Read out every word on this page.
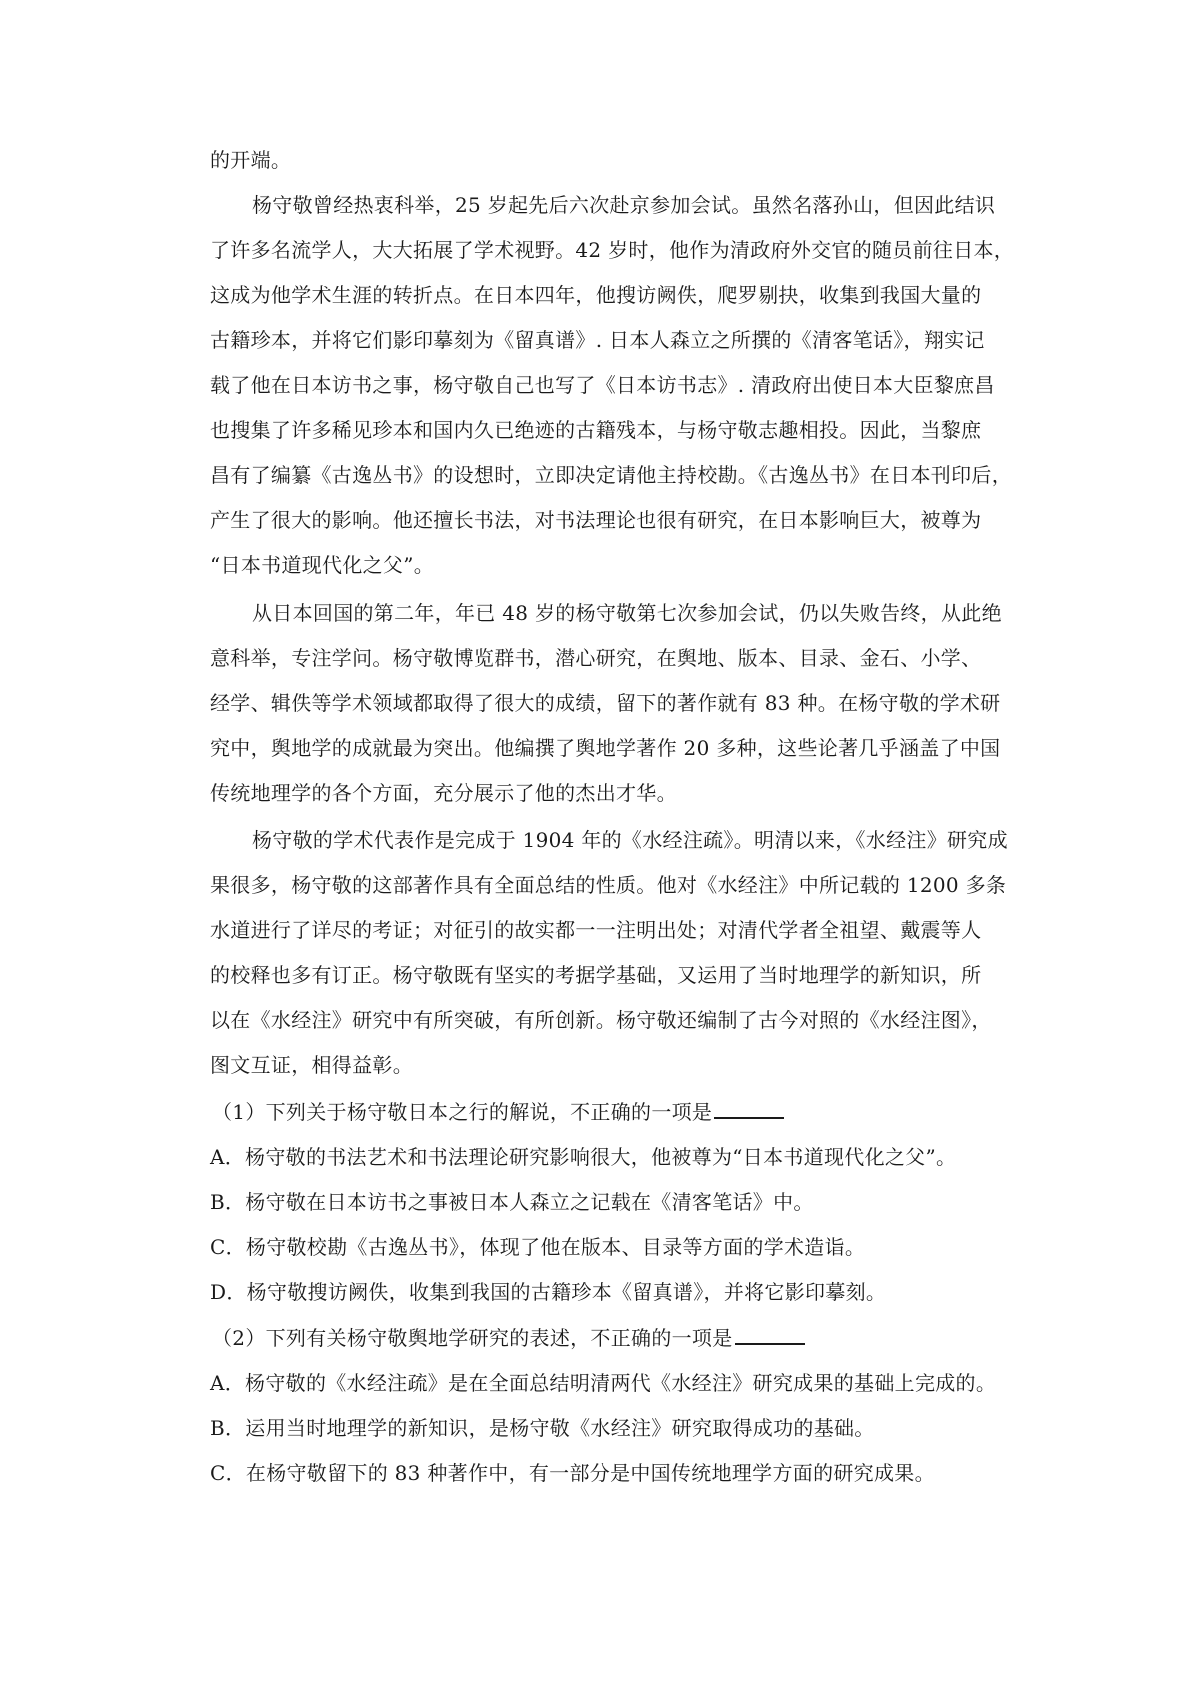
的开端。
杨守敬曾经热衷科举，25 岁起先后六次赴京参加会试。虽然名落孙山，但因此结识
了许多名流学人，大大拓展了学术视野。42 岁时，他作为清政府外交官的随员前往日本，
这成为他学术生涯的转折点。在日本四年，他搜访阙佚，爬罗剔抉，收集到我国大量的
古籍珍本，并将它们影印摹刻为《留真谱》. 日本人森立之所撰的《清客笔话》，翔实记
载了他在日本访书之事，杨守敬自己也写了《日本访书志》. 清政府出使日本大臣黎庶昌
也搜集了许多稀见珍本和国内久已绝迹的古籍残本，与杨守敬志趣相投。因此，当黎庶
昌有了编纂《古逸丛书》的设想时，立即决定请他主持校勘。《古逸丛书》在日本刊印后，
产生了很大的影响。他还擅长书法，对书法理论也很有研究，在日本影响巨大，被尊为
“日本书道现代化之父”。
从日本回国的第二年，年已 48 岁的杨守敬第七次参加会试，仍以失败告终，从此绝
意科举，专注学问。杨守敬博览群书，潜心研究，在舆地、版本、目录、金石、小学、
经学、辑佚等学术领域都取得了很大的成绩，留下的著作就有 83 种。在杨守敬的学术研
究中，舆地学的成就最为突出。他编撰了舆地学著作 20 多种，这些论著几乎涵盖了中国
传统地理学的各个方面，充分展示了他的杰出才华。
杨守敬的学术代表作是完成于 1904 年的《水经注疏》。明清以来，《水经注》研究成
果很多，杨守敬的这部著作具有全面总结的性质。他对《水经注》中所记载的 1200 多条
水道进行了详尽的考证；对征引的故实都一一注明出处；对清代学者全祖望、戴震等人
的校释也多有订正。杨守敬既有坚实的考据学基础，又运用了当时地理学的新知识，所
以在《水经注》研究中有所突破，有所创新。杨守敬还编制了古今对照的《水经注图》，
图文互证，相得益彰。
（1）下列关于杨守敬日本之行的解说，不正确的一项是
A．杨守敬的书法艺术和书法理论研究影响很大，他被尊为“日本书道现代化之父”。
B．杨守敬在日本访书之事被日本人森立之记载在《清客笔话》中。
C．杨守敬校勘《古逸丛书》，体现了他在版本、目录等方面的学术造诣。
D．杨守敬搜访阙佚，收集到我国的古籍珍本《留真谱》，并将它影印摹刻。
（2）下列有关杨守敬舆地学研究的表述，不正确的一项是
A．杨守敬的《水经注疏》是在全面总结明清两代《水经注》研究成果的基础上完成的。
B．运用当时地理学的新知识，是杨守敬《水经注》研究取得成功的基础。
C．在杨守敬留下的 83 种著作中，有一部分是中国传统地理学方面的研究成果。
